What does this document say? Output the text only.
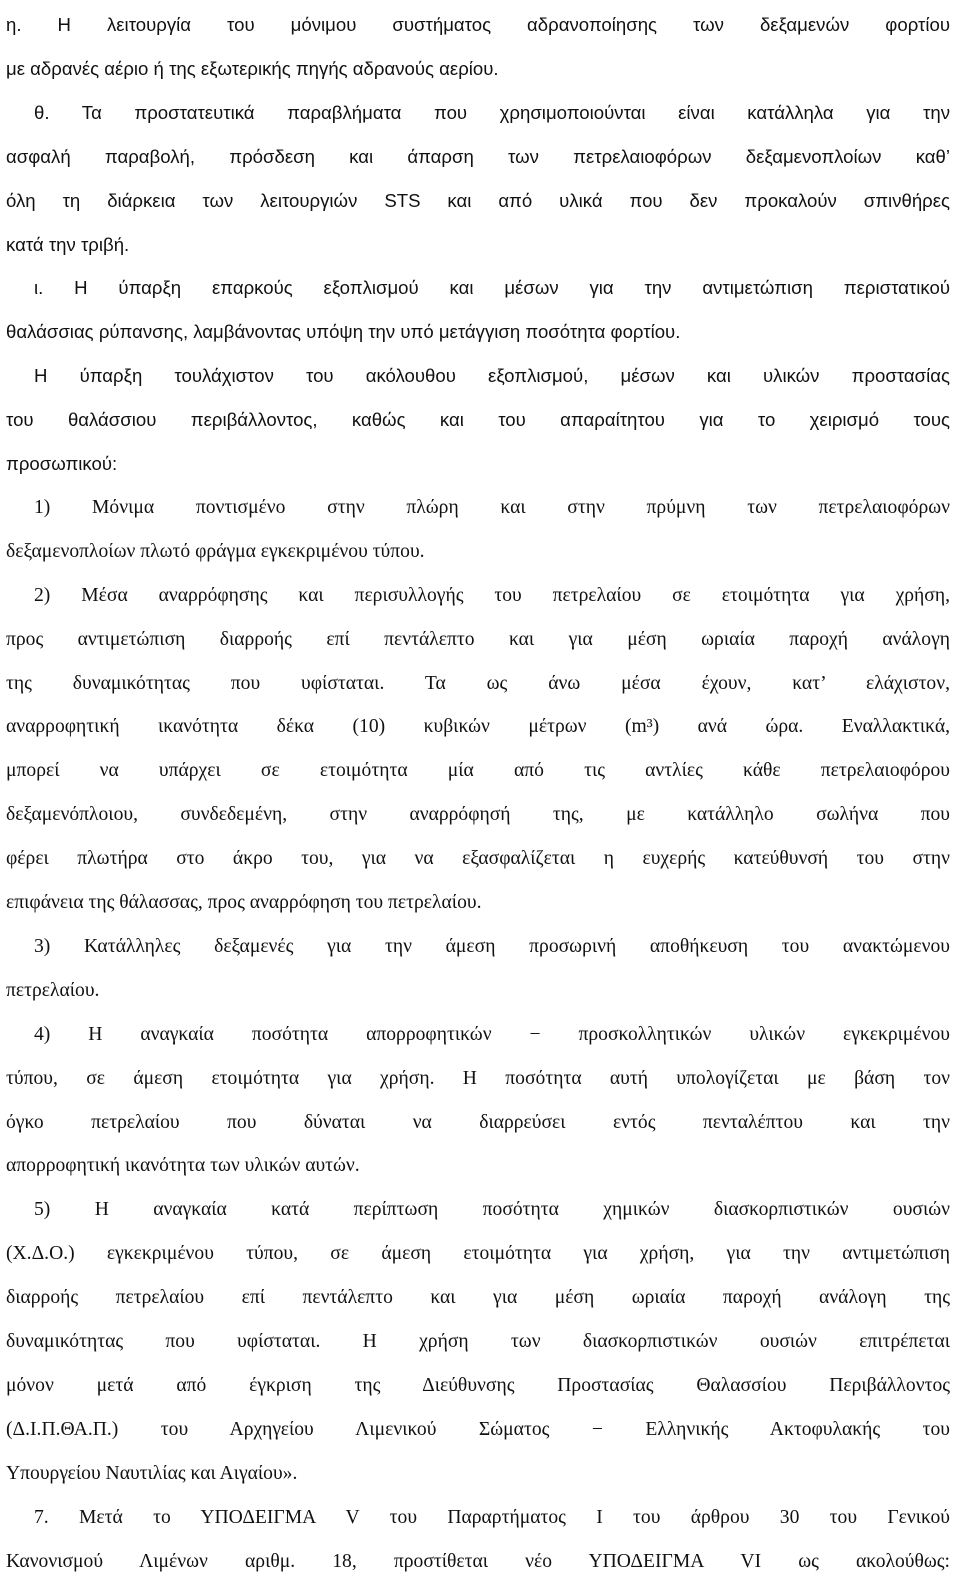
η. Η λειτουργία του μόνιμου συστήματος αδρανοποίησης των δεξαμενών φορτίου
με αδρανές αέριο ή της εξωτερικής πηγής αδρανούς αερίου.
θ. Τα προστατευτικά παραβλήματα που χρησιμοποιούνται είναι κατάλληλα για την
ασφαλή παραβολή, πρόσδεση και άπαρση των πετρελαιοφόρων δεξαμενοπλοίων καθ’
όλη τη διάρκεια των λειτουργιών STS και από υλικά που δεν προκαλούν σπινθήρες
κατά την τριβή.
ι. Η ύπαρξη επαρκούς εξοπλισμού και μέσων για την αντιμετώπιση περιστατικού
θαλάσσιας ρύπανσης, λαμβάνοντας υπόψη την υπό μετάγγιση ποσότητα φορτίου.
Η ύπαρξη τουλάχιστον του ακόλουθου εξοπλισμού, μέσων και υλικών προστασίας
του θαλάσσιου περιβάλλοντος, καθώς και του απαραίτητου για το χειρισμό τους
προσωπικού:
1) Μόνιμα ποντισμένο στην πλώρη και στην πρύμνη των πετρελαιοφόρων
δεξαμενοπλοίων πλωτό φράγμα εγκεκριμένου τύπου.
2) Μέσα αναρρόφησης και περισυλλογής του πετρελαίου σε ετοιμότητα για χρήση,
προς αντιμετώπιση διαρροής επί πεντάλεπτο και για μέση ωριαία παροχή ανάλογη
της δυναμικότητας που υφίσταται. Τα ως άνω μέσα έχουν, κατ’ ελάχιστον,
αναρροφητική ικανότητα δέκα (10) κυβικών μέτρων (m³) ανά ώρα. Εναλλακτικά,
μπορεί να υπάρχει σε ετοιμότητα μία από τις αντλίες κάθε πετρελαιοφόρου
δεξαμενόπλοιου, συνδεδεμένη, στην αναρρόφησή της, με κατάλληλο σωλήνα που
φέρει πλωτήρα στο άκρο του, για να εξασφαλίζεται η ευχερής κατεύθυνσή του στην
επιφάνεια της θάλασσας, προς αναρρόφηση του πετρελαίου.
3) Κατάλληλες δεξαμενές για την άμεση προσωρινή αποθήκευση του ανακτώμενου
πετρελαίου.
4) Η αναγκαία ποσότητα απορροφητικών − προσκολλητικών υλικών εγκεκριμένου
τύπου, σε άμεση ετοιμότητα για χρήση. Η ποσότητα αυτή υπολογίζεται με βάση τον
όγκο πετρελαίου που δύναται να διαρρεύσει εντός πενταλέπτου και την
απορροφητική ικανότητα των υλικών αυτών.
5) Η αναγκαία κατά περίπτωση ποσότητα χημικών διασκορπιστικών ουσιών
(Χ.Δ.Ο.) εγκεκριμένου τύπου, σε άμεση ετοιμότητα για χρήση, για την αντιμετώπιση
διαρροής πετρελαίου επί πεντάλεπτο και για μέση ωριαία παροχή ανάλογη της
δυναμικότητας που υφίσταται. Η χρήση των διασκορπιστικών ουσιών επιτρέπεται
μόνον μετά από έγκριση της Διεύθυνσης Προστασίας Θαλασσίου Περιβάλλοντος
(Δ.Ι.Π.ΘΑ.Π.) του Αρχηγείου Λιμενικού Σώματος − Ελληνικής Ακτοφυλακής του
Υπουργείου Ναυτιλίας και Αιγαίου».
7. Μετά το ΥΠΟΔΕΙΓΜΑ V του Παραρτήματος Ι του άρθρου 30 του Γενικού
Κανονισμού Λιμένων αριθμ. 18, προστίθεται νέο ΥΠΟΔΕΙΓΜΑ VI ως ακολούθως:
